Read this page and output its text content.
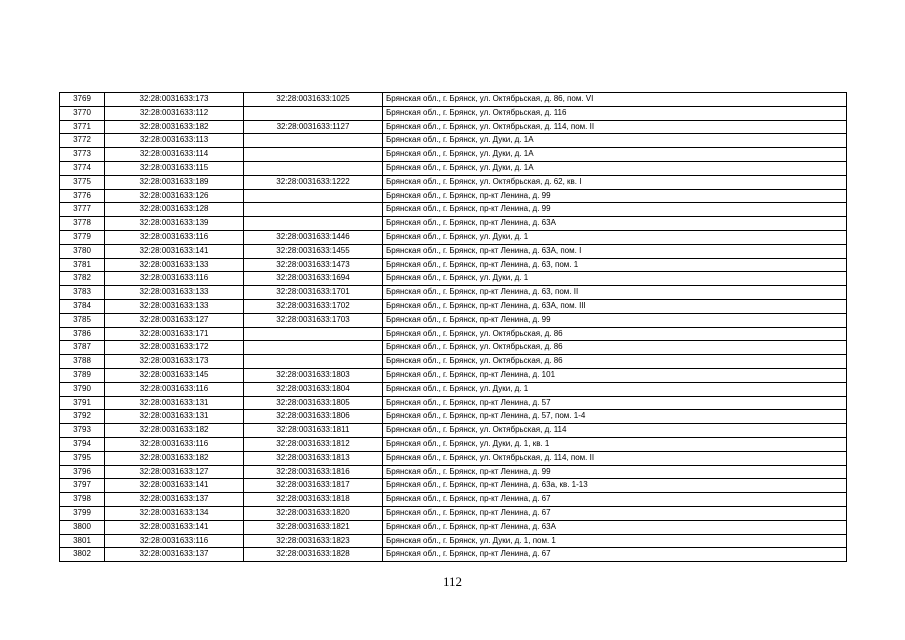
3769	32:28:0031633:173	32:28:0031633:1025	Брянская обл., г. Брянск, ул. Октябрьская, д. 86, пом. VI
3770	32:28:0031633:112		Брянская обл., г. Брянск, ул. Октябрьская, д. 116
3771	32:28:0031633:182	32:28:0031633:1127	Брянская обл., г. Брянск, ул. Октябрьская, д. 114, пом. II
3772	32:28:0031633:113		Брянская обл., г. Брянск, ул. Дуки, д. 1А
3773	32:28:0031633:114		Брянская обл., г. Брянск, ул. Дуки, д. 1А
3774	32:28:0031633:115		Брянская обл., г. Брянск, ул. Дуки, д. 1А
3775	32:28:0031633:189	32:28:0031633:1222	Брянская обл., г. Брянск, ул. Октябрьская, д. 62, кв. I
3776	32:28:0031633:126		Брянская обл., г. Брянск, пр-кт Ленина, д. 99
3777	32:28:0031633:128		Брянская обл., г. Брянск, пр-кт Ленина, д. 99
3778	32:28:0031633:139		Брянская обл., г. Брянск, пр-кт Ленина, д. 63А
3779	32:28:0031633:116	32:28:0031633:1446	Брянская обл., г. Брянск, ул. Дуки, д. 1
3780	32:28:0031633:141	32:28:0031633:1455	Брянская обл., г. Брянск, пр-кт Ленина, д. 63А, пом. I
3781	32:28:0031633:133	32:28:0031633:1473	Брянская обл., г. Брянск, пр-кт Ленина, д. 63, пом. 1
3782	32:28:0031633:116	32:28:0031633:1694	Брянская обл., г. Брянск, ул. Дуки, д. 1
3783	32:28:0031633:133	32:28:0031633:1701	Брянская обл., г. Брянск, пр-кт Ленина, д. 63, пом. II
3784	32:28:0031633:133	32:28:0031633:1702	Брянская обл., г. Брянск, пр-кт Ленина, д. 63А, пом. III
3785	32:28:0031633:127	32:28:0031633:1703	Брянская обл., г. Брянск, пр-кт Ленина, д. 99
3786	32:28:0031633:171		Брянская обл., г. Брянск, ул. Октябрьская, д. 86
3787	32:28:0031633:172		Брянская обл., г. Брянск, ул. Октябрьская, д. 86
3788	32:28:0031633:173		Брянская обл., г. Брянск, ул. Октябрьская, д. 86
3789	32:28:0031633:145	32:28:0031633:1803	Брянская обл., г. Брянск, пр-кт Ленина, д. 101
3790	32:28:0031633:116	32:28:0031633:1804	Брянская обл., г. Брянск, ул. Дуки, д. 1
3791	32:28:0031633:131	32:28:0031633:1805	Брянская обл., г. Брянск, пр-кт Ленина, д. 57
3792	32:28:0031633:131	32:28:0031633:1806	Брянская обл., г. Брянск, пр-кт Ленина, д. 57, пом. 1-4
3793	32:28:0031633:182	32:28:0031633:1811	Брянская обл., г. Брянск, ул. Октябрьская, д. 114
3794	32:28:0031633:116	32:28:0031633:1812	Брянская обл., г. Брянск, ул. Дуки, д. 1, кв. 1
3795	32:28:0031633:182	32:28:0031633:1813	Брянская обл., г. Брянск, ул. Октябрьская, д. 114, пом. II
3796	32:28:0031633:127	32:28:0031633:1816	Брянская обл., г. Брянск, пр-кт Ленина, д. 99
3797	32:28:0031633:141	32:28:0031633:1817	Брянская обл., г. Брянск, пр-кт Ленина, д. 63а, кв. 1-13
3798	32:28:0031633:137	32:28:0031633:1818	Брянская обл., г. Брянск, пр-кт Ленина, д. 67
3799	32:28:0031633:134	32:28:0031633:1820	Брянская обл., г. Брянск, пр-кт Ленина, д. 67
3800	32:28:0031633:141	32:28:0031633:1821	Брянская обл., г. Брянск, пр-кт Ленина, д. 63А
3801	32:28:0031633:116	32:28:0031633:1823	Брянская обл., г. Брянск, ул. Дуки, д. 1, пом. 1
3802	32:28:0031633:137	32:28:0031633:1828	Брянская обл., г. Брянск, пр-кт Ленина, д. 67
112
